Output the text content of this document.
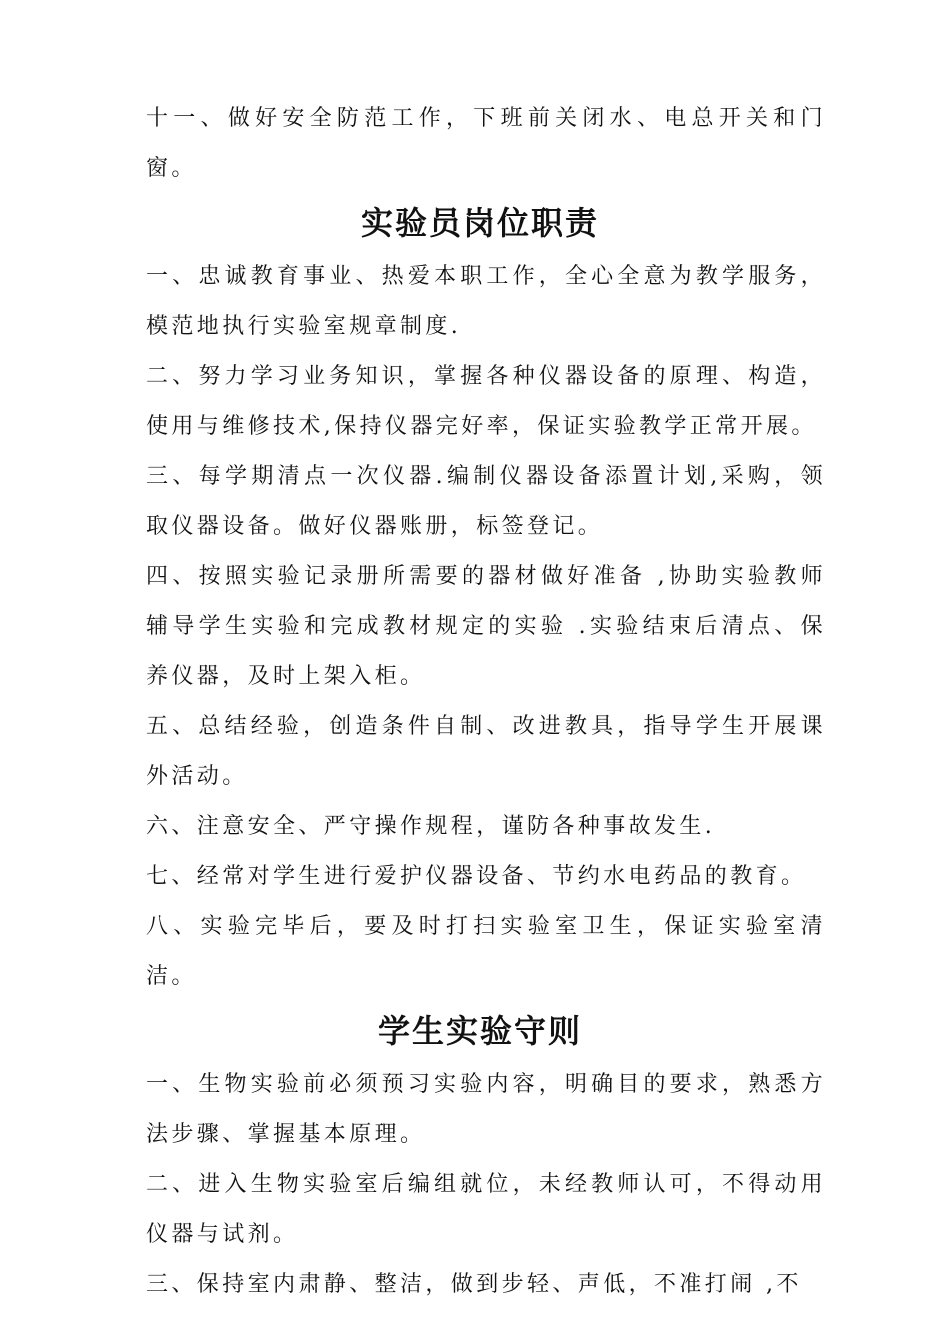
十一、做好安全防范工作，下班前关闭水、电总开关和门窗。

实验员岗位职责

一、忠诚教育事业、热爱本职工作，全心全意为教学服务，模范地执行实验室规章制度.

二、努力学习业务知识，掌握各种仪器设备的原理、构造，使用与维修技术,保持仪器完好率，保证实验教学正常开展。

三、每学期清点一次仪器.编制仪器设备添置计划,采购，领取仪器设备。做好仪器账册，标签登记。

四、按照实验记录册所需要的器材做好准备 ,协助实验教师辅导学生实验和完成教材规定的实验 .实验结束后清点、保养仪器，及时上架入柜。

五、总结经验，创造条件自制、改进教具，指导学生开展课外活动。

六、注意安全、严守操作规程，谨防各种事故发生.

七、经常对学生进行爱护仪器设备、节约水电药品的教育。

八、实验完毕后，要及时打扫实验室卫生，保证实验室清洁。

学生实验守则

一、生物实验前必须预习实验内容，明确目的要求，熟悉方法步骤、掌握基本原理。

二、进入生物实验室后编组就位，未经教师认可，不得动用仪器与试剂。

三、保持室内肃静、整洁，做到步轻、声低，不准打闹 ,不
